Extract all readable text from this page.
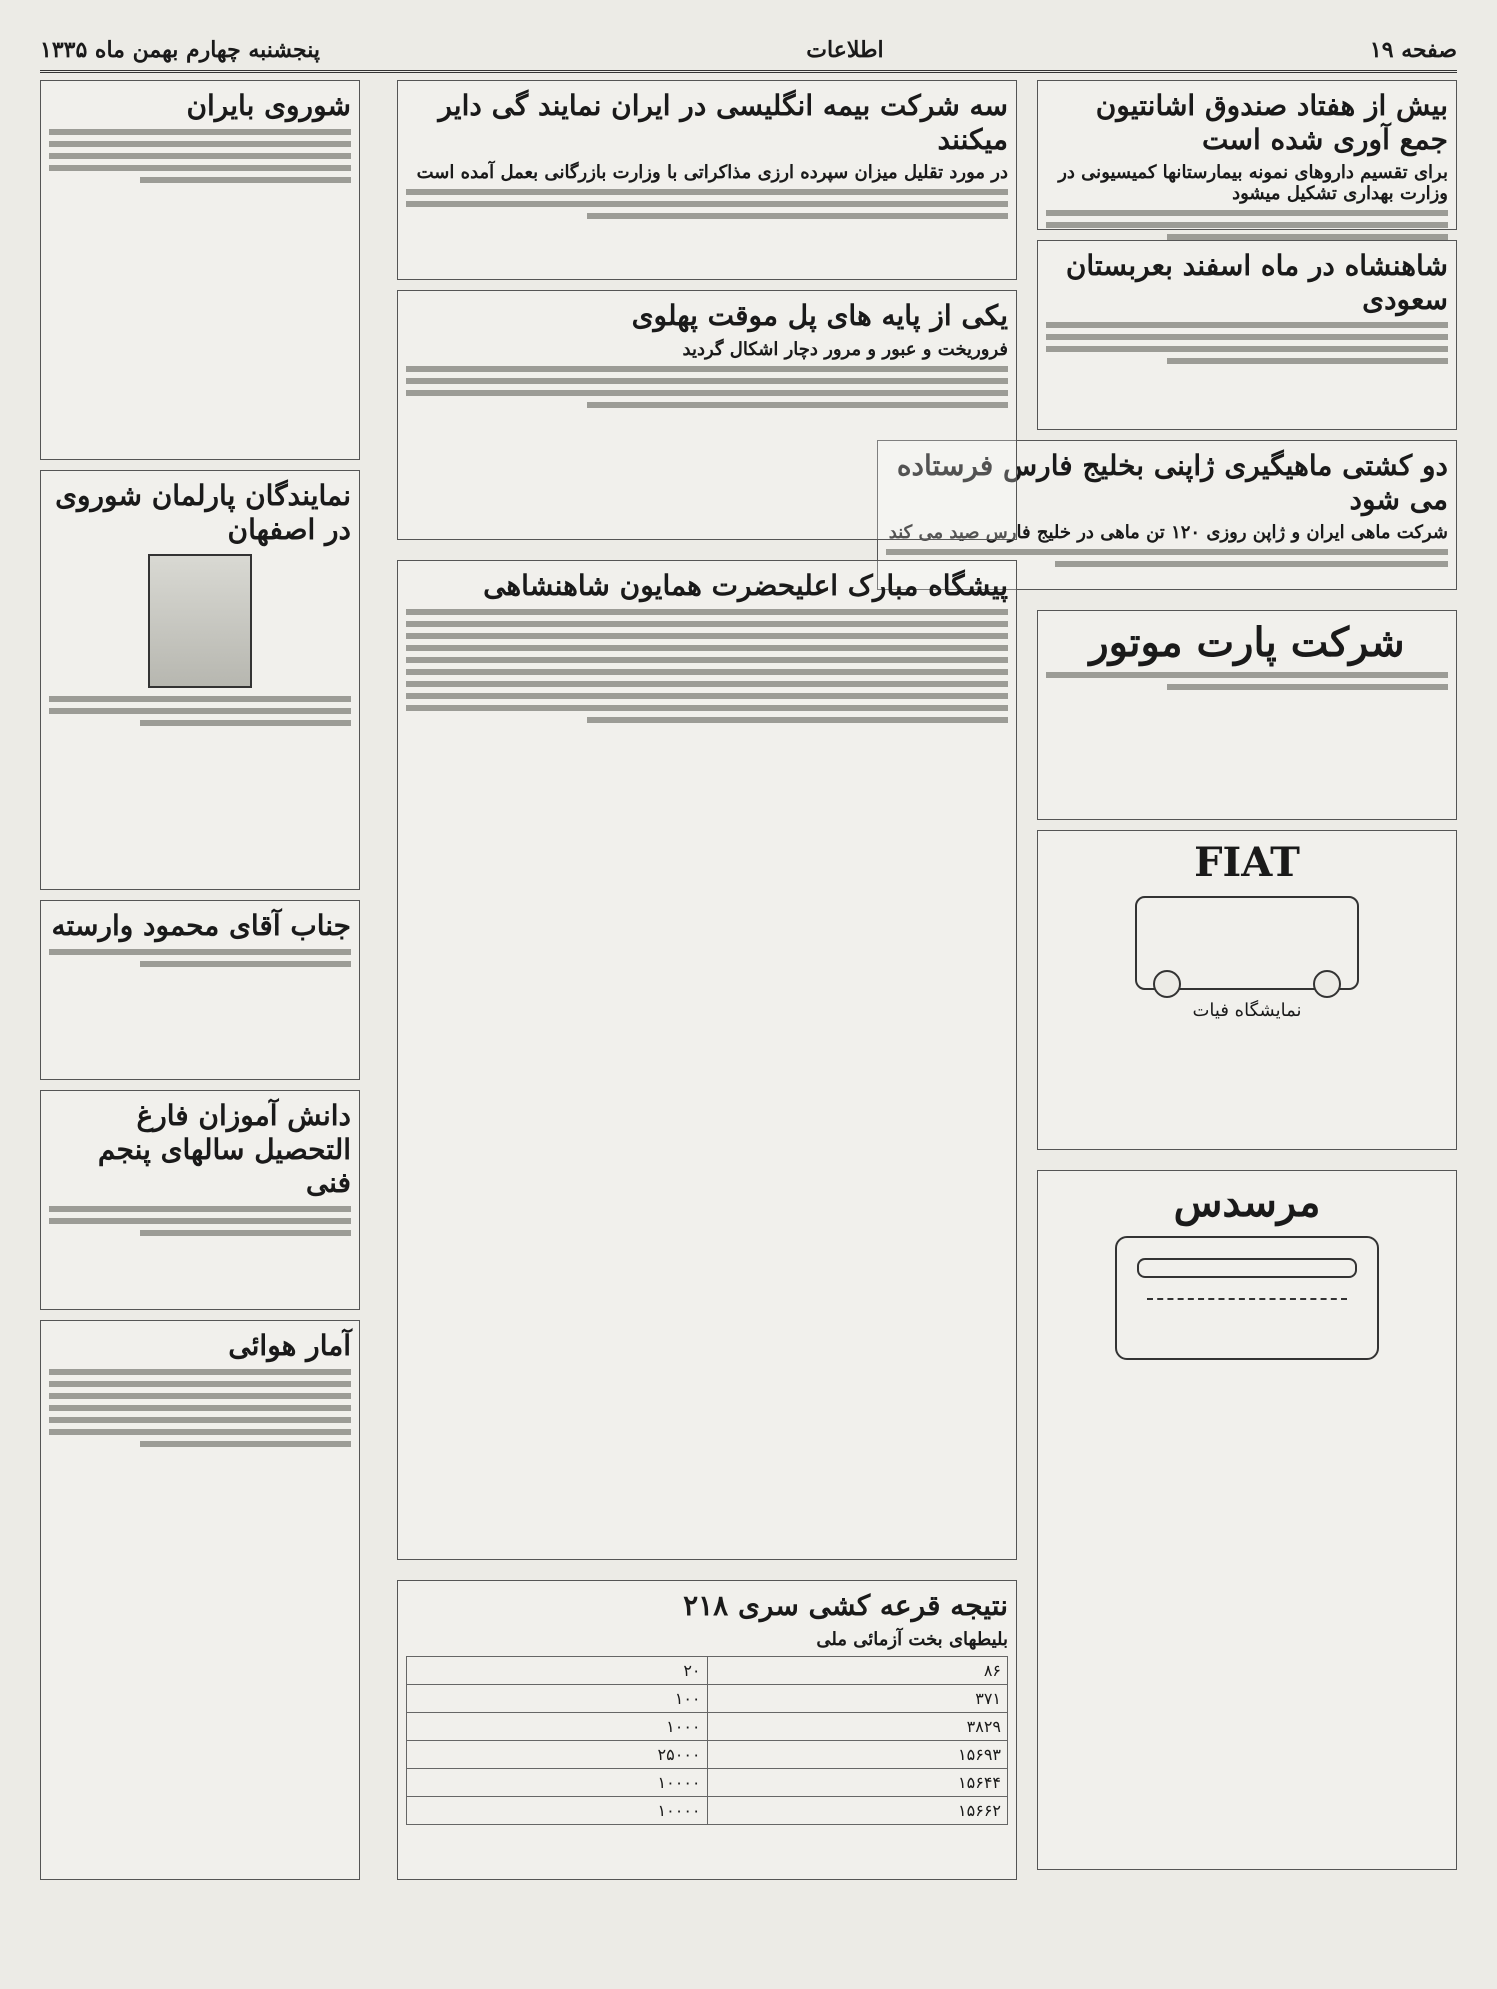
صفحه ۱۹
اطلاعات
پنجشنبه چهارم بهمن ماه ۱۳۳۵
بیش از هفتاد صندوق اشانتیون جمع آوری شده است
برای تقسیم داروهای نمونه بیمارستانها کمیسیونی در وزارت بهداری تشکیل میشود
شاهنشاه در ماه اسفند بعربستان سعودی
دو کشتی ماهیگیری ژاپنی بخلیج فارس فرستاده می شود
شرکت ماهی ایران و ژاپن روزی ۱۲۰ تن ماهی در خلیج فارس صید می کند
شرکت پارت موتور
FIAT
نمایشگاه فیات
مرسدس
سه شرکت بیمه انگلیسی در ایران نمایند گی دایر میکنند
در مورد تقلیل میزان سپرده ارزی مذاکراتی با وزارت بازرگانی بعمل آمده است
یکی از پایه های پل موقت پهلوی
فروریخت و عبور و مرور دچار اشکال گردید
پیشگاه مبارک اعلیحضرت همایون شاهنشاهی
نتیجه قرعه کشی سری ۲۱۸
بلیطهای بخت آزمائی ملی
۸۶	۲۰
۳۷۱	۱۰۰
۳۸۲۹	۱۰۰۰
۱۵۶۹۳	۲۵۰۰۰
۱۵۶۴۴	۱۰۰۰۰
۱۵۶۶۲	۱۰۰۰۰
شوروی بایران
نمایندگان پارلمان شوروی در اصفهان
جناب آقای محمود وارسته
دانش آموزان فارغ التحصیل سالهای پنجم فنی
آمار هوائی
